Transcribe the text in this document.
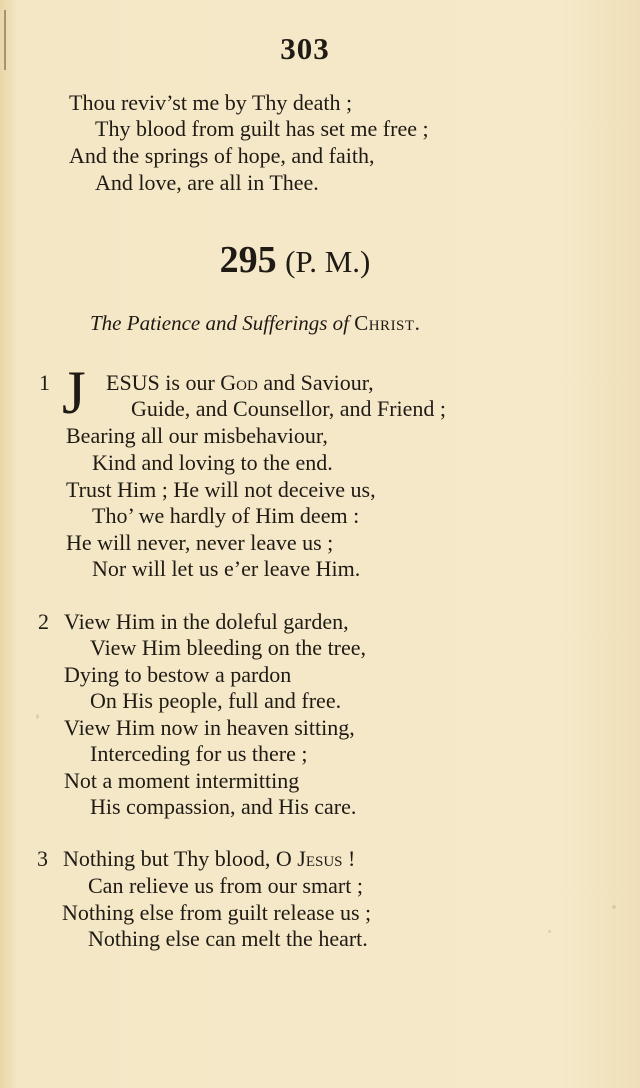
303
Thou reviv’st me by Thy death ;
Thy blood from guilt has set me free ;
And the springs of hope, and faith,
And love, are all in Thee.
295 (P. M.)
The Patience and Sufferings of Christ.
1 J ESUS is our God and Saviour,
Guide, and Counsellor, and Friend ;
Bearing all our misbehaviour,
Kind and loving to the end.
Trust Him ; He will not deceive us,
Tho’ we hardly of Him deem :
He will never, never leave us ;
Nor will let us e’er leave Him.
2 View Him in the doleful garden,
View Him bleeding on the tree,
Dying to bestow a pardon
On His people, full and free.
View Him now in heaven sitting,
Interceding for us there ;
Not a moment intermitting
His compassion, and His care.
3 Nothing but Thy blood, O Jesus !
Can relieve us from our smart ;
Nothing else from guilt release us ;
Nothing else can melt the heart.
